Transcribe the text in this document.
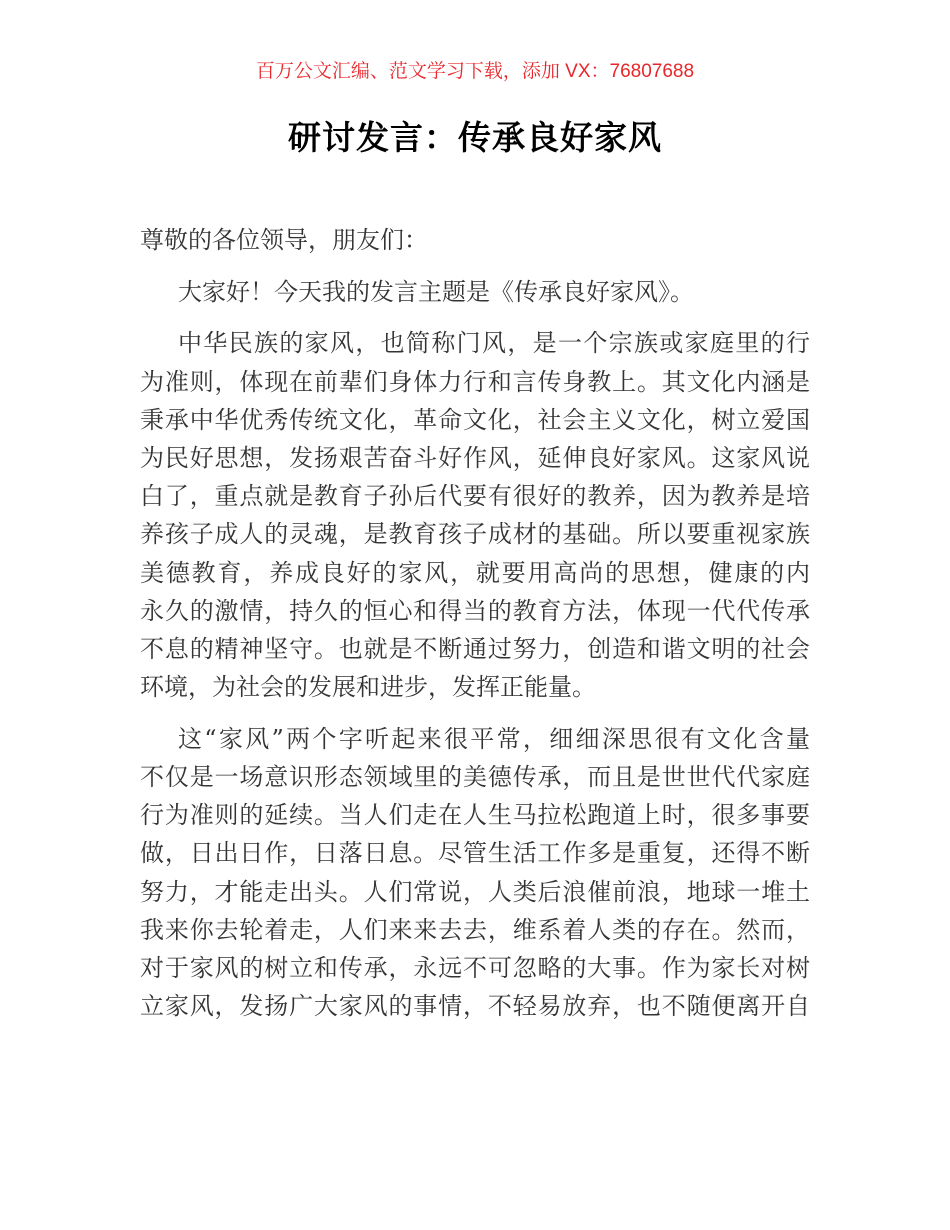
百万公文汇编、范文学习下载，添加 VX：76807688
研讨发言：传承良好家风
尊敬的各位领导，朋友们：
大家好！今天我的发言主题是《传承良好家风》。
中华民族的家风，也简称门风，是一个宗族或家庭里的行
为准则，体现在前辈们身体力行和言传身教上。其文化内涵是
秉承中华优秀传统文化，革命文化，社会主义文化，树立爱国
为民好思想，发扬艰苦奋斗好作风，延伸良好家风。这家风说
白了，重点就是教育子孙后代要有很好的教养，因为教养是培
养孩子成人的灵魂，是教育孩子成材的基础。所以要重视家族
美德教育，养成良好的家风，就要用高尚的思想，健康的内
永久的激情，持久的恒心和得当的教育方法，体现一代代传承
不息的精神坚守。也就是不断通过努力，创造和谐文明的社会
环境，为社会的发展和进步，发挥正能量。
这“家风”两个字听起来很平常，细细深思很有文化含量
不仅是一场意识形态领域里的美德传承，而且是世世代代家庭
行为准则的延续。当人们走在人生马拉松跑道上时，很多事要
做，日出日作，日落日息。尽管生活工作多是重复，还得不断
努力，才能走出头。人们常说，人类后浪催前浪，地球一堆土
我来你去轮着走，人们来来去去，维系着人类的存在。然而，
对于家风的树立和传承，永远不可忽略的大事。作为家长对树
立家风，发扬广大家风的事情，不轻易放弃，也不随便离开自
